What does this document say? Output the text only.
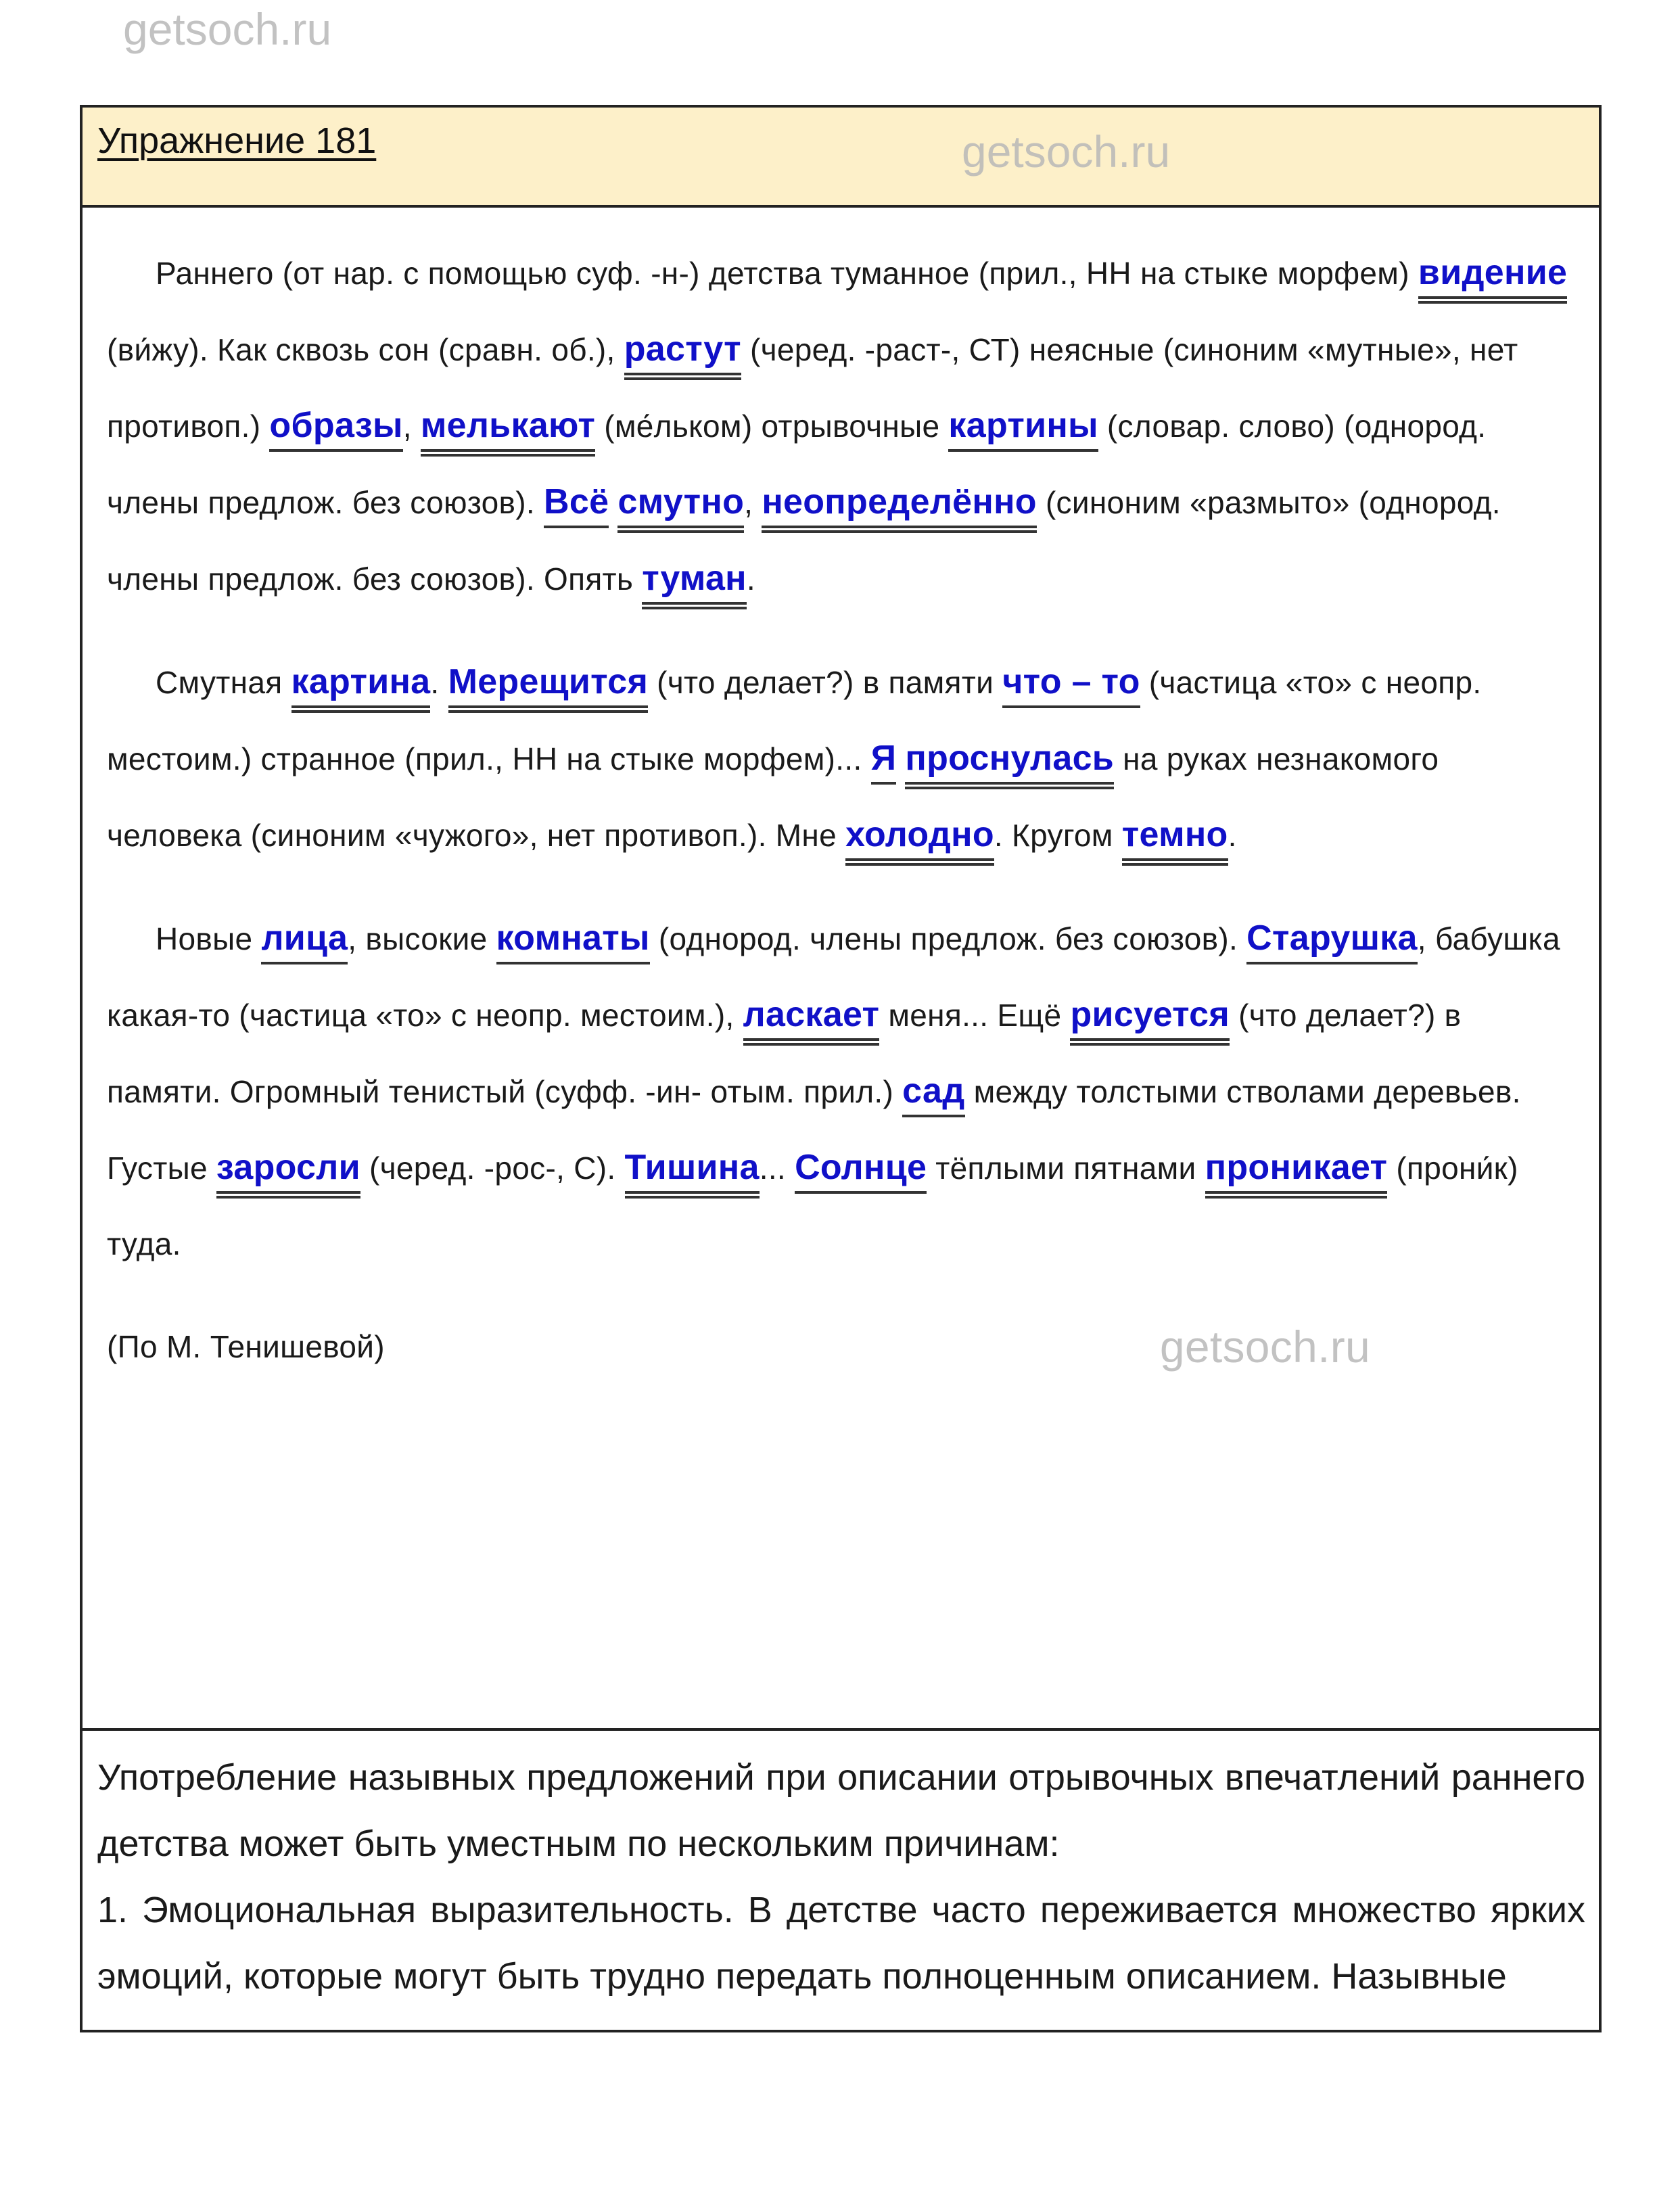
getsoch.ru
Упражнение 181	getsoch.ru

Раннего (от нар. с помощью суф. -н-) детства туманное (прил., НН на стыке морфем) видение (ви́жу). Как сквозь сон (сравн. об.), растут (черед. -раст-, СТ) неясные (синоним «мутные», нет противоп.) образы, мелькают (ме́льком) отрывочные картины (словар. слово) (однород. члены предлож. без союзов). Всё смутно, неопределённо (синоним «размыто» (однород. члены предлож. без союзов). Опять туман.

Смутная картина. Мерещится (что делает?) в памяти что – то (частица «то» с неопр. местоим.) странное (прил., НН на стыке морфем)... Я проснулась на руках незнакомого человека (синоним «чужого», нет противоп.). Мне холодно. Кругом темно.

Новые лица, высокие комнаты (однород. члены предлож. без союзов). Старушка, бабушка какая-то (частица «то» с неопр. местоим.), ласкает меня... Ещё рисуется (что делает?) в памяти. Огромный тенистый (суфф. -ин- отым. прил.) сад между толстыми стволами деревьев. Густые заросли (черед. -рос-, С). Тишина... Солнце тёплыми пятнами проникает (прони́к) туда.

(По М. Тенишевой)	getsoch.ru

Употребление назывных предложений при описании отрывочных впечатлений раннего детства может быть уместным по нескольким причинам:

1. Эмоциональная выразительность. В детстве часто переживается множество ярких эмоций, которые могут быть трудно передать полноценным описанием. Назывные
